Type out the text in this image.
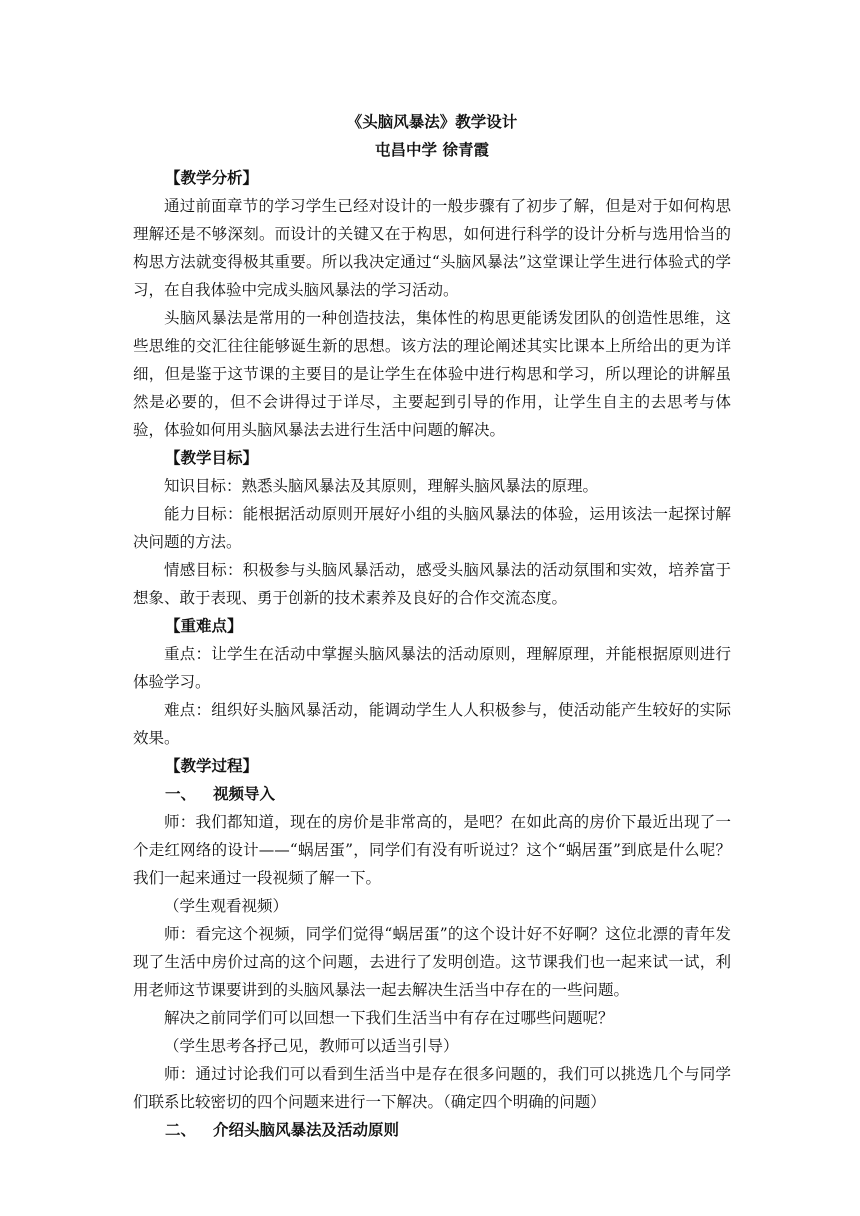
《头脑风暴法》教学设计
屯昌中学 徐青霞
【教学分析】

通过前面章节的学习学生已经对设计的一般步骤有了初步了解，但是对于如何构思理解还是不够深刻。而设计的关键又在于构思，如何进行科学的设计分析与选用恰当的构思方法就变得极其重要。所以我决定通过“头脑风暴法”这堂课让学生进行体验式的学习，在自我体验中完成头脑风暴法的学习活动。

头脑风暴法是常用的一种创造技法，集体性的构思更能诱发团队的创造性思维，这些思维的交汇往往能够诞生新的思想。该方法的理论阐述其实比课本上所给出的更为详细，但是鉴于这节课的主要目的是让学生在体验中进行构思和学习，所以理论的讲解虽然是必要的，但不会讲得过于详尽，主要起到引导的作用，让学生自主的去思考与体验，体验如何用头脑风暴法去进行生活中问题的解决。

【教学目标】

知识目标：熟悉头脑风暴法及其原则，理解头脑风暴法的原理。

能力目标：能根据活动原则开展好小组的头脑风暴法的体验，运用该法一起探讨解决问题的方法。

情感目标：积极参与头脑风暴活动，感受头脑风暴法的活动氛围和实效，培养富于想象、敢于表现、勇于创新的技术素养及良好的合作交流态度。

【重难点】

重点：让学生在活动中掌握头脑风暴法的活动原则，理解原理，并能根据原则进行体验学习。

难点：组织好头脑风暴活动，能调动学生人人积极参与，使活动能产生较好的实际效果。

【教学过程】
一、 视频导入

师：我们都知道，现在的房价是非常高的，是吧？在如此高的房价下最近出现了一个走红网络的设计——“蜗居蛋”，同学们有没有听说过？这个“蜗居蛋”到底是什么呢？我们一起来通过一段视频了解一下。

（学生观看视频）

师：看完这个视频，同学们觉得“蜗居蛋”的这个设计好不好啊？这位北漂的青年发现了生活中房价过高的这个问题，去进行了发明创造。这节课我们也一起来试一试，利用老师这节课要讲到的头脑风暴法一起去解决生活当中存在的一些问题。

解决之前同学们可以回想一下我们生活当中有存在过哪些问题呢？

（学生思考各抒己见，教师可以适当引导）

师：通过讨论我们可以看到生活当中是存在很多问题的，我们可以挑选几个与同学们联系比较密切的四个问题来进行一下解决。（确定四个明确的问题）

二、 介绍头脑风暴法及活动原则
